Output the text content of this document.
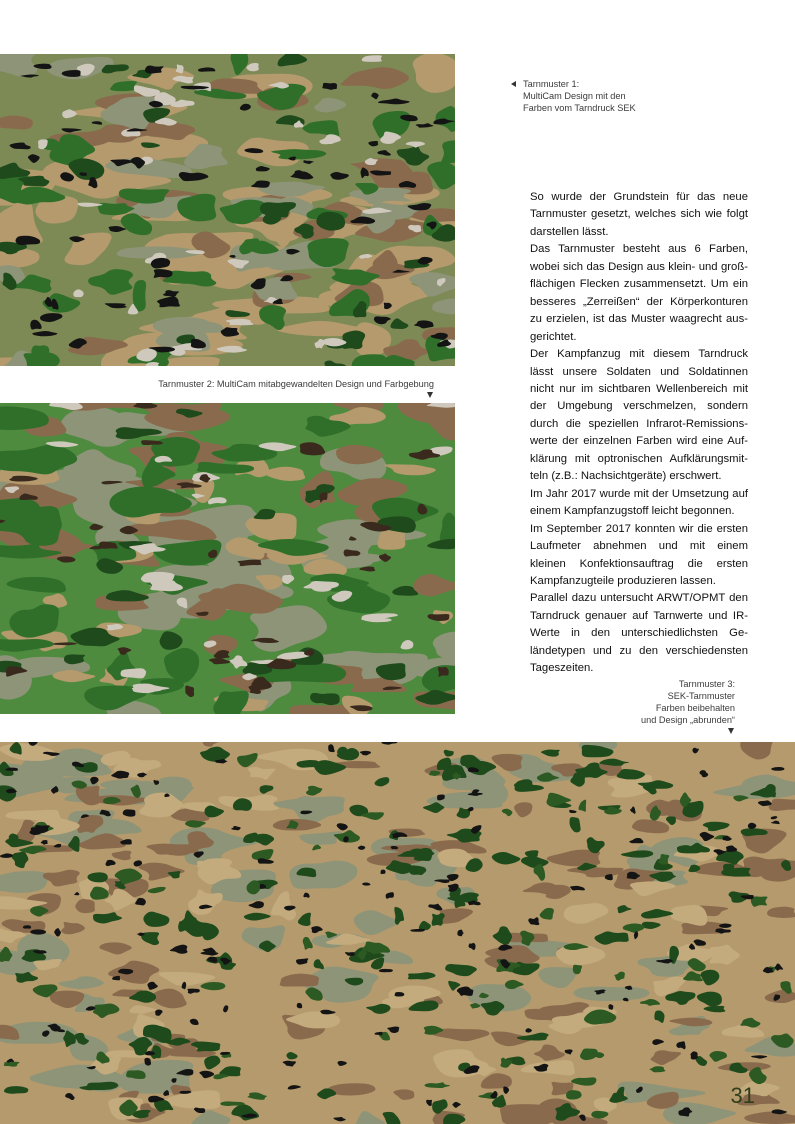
Tarnmuster 1:
MultiCam Design mit den
Farben vom Tarndruck SEK
Tarnmuster 2: MultiCam mitabgewandelten Design und Farbgebung

So wurde der Grundstein für das neue Tarnmuster gesetzt, welches sich wie folgt darstellen lässt.

Das Tarnmuster besteht aus 6 Farben, wobei sich das Design aus klein- und großflächigen Flecken zusammensetzt. Um ein besseres „Zerreißen“ der Körperkonturen zu erzielen, ist das Muster waagrecht ausgerichtet.

Der Kampfanzug mit diesem Tarndruck lässt unsere Soldaten und Soldatinnen nicht nur im sichtbaren Wellenbereich mit der Umgebung verschmelzen, sondern durch die speziellen Infrarot-Remissionswerte der einzelnen Farben wird eine Aufklärung mit optronischen Aufklärungsmitteln (z.B.: Nachsichtgeräte) erschwert.

Im Jahr 2017 wurde mit der Umsetzung auf einem Kampfanzugstoff leicht begonnen.

Im September 2017 konnten wir die ersten Laufmeter abnehmen und mit einem kleinen Konfektionsauftrag die ersten Kampfanzugteile produzieren lassen.

Parallel dazu untersucht ARWT/OPMT den Tarndruck genauer auf Tarnwerte und IR-Werte in den unterschiedlichsten Geländetypen und zu den verschiedensten Tageszeiten.

Tarnmuster 3:
SEK-Tarnmuster
Farben beibehalten
und Design „abrunden“
31
